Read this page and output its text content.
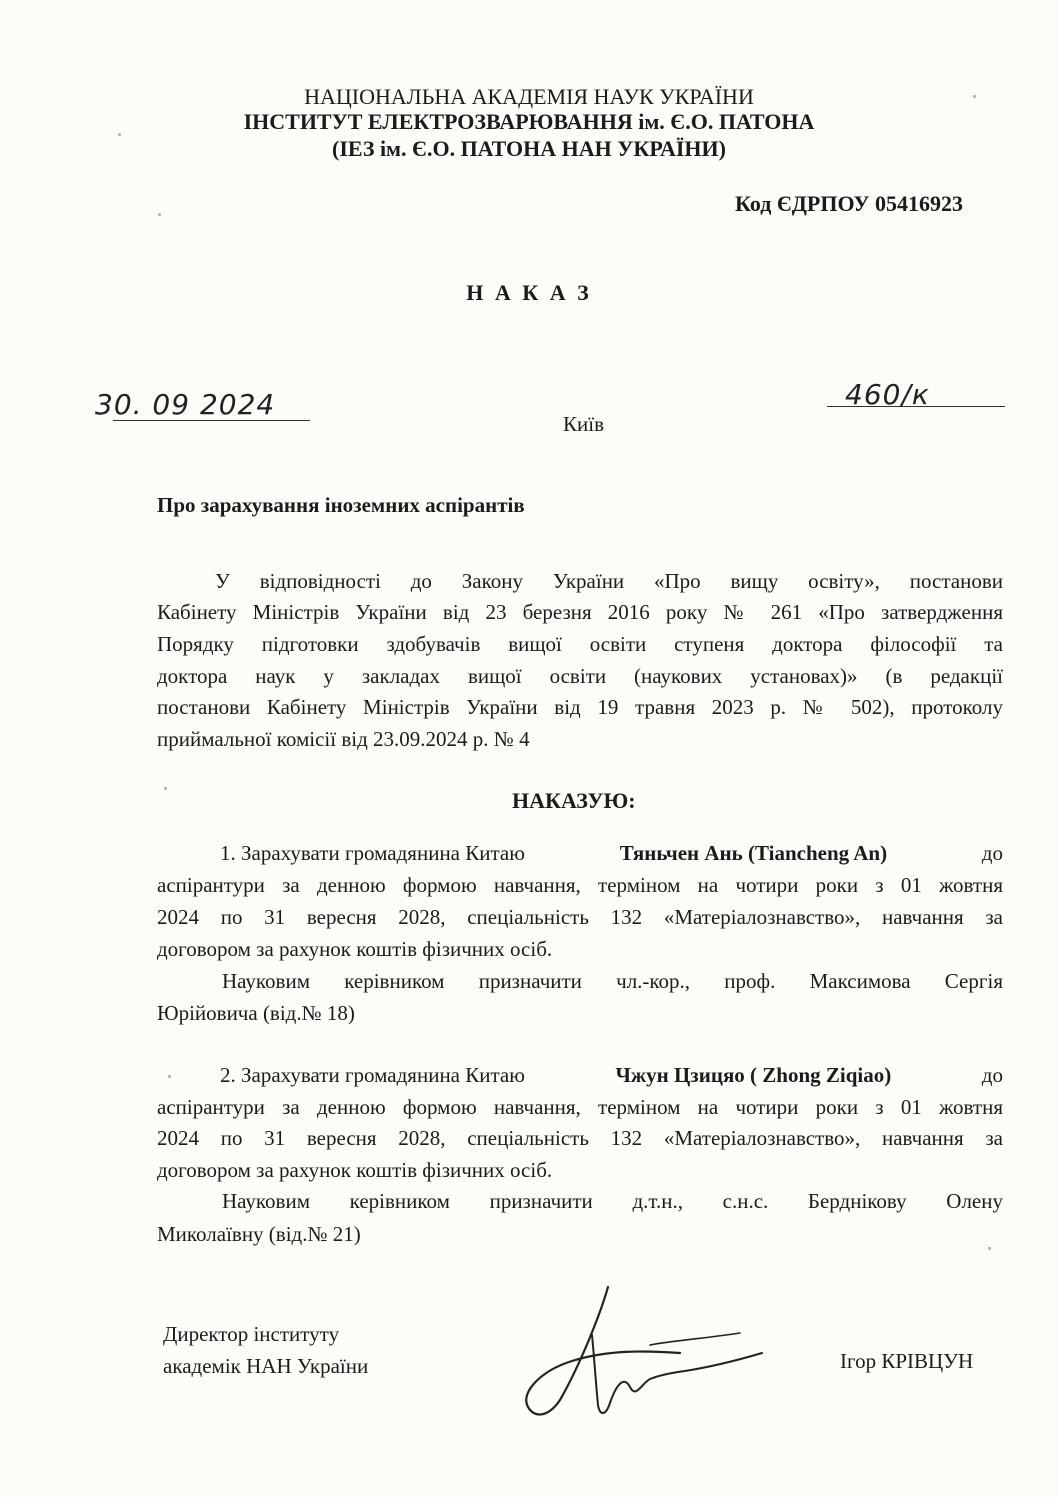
НАЦІОНАЛЬНА АКАДЕМІЯ НАУК УКРАЇНИ
ІНСТИТУТ ЕЛЕКТРОЗВАРЮВАННЯ ім. Є.О. ПАТОНА
(ІЕЗ ім. Є.О. ПАТОНА НАН УКРАЇНИ)
Код ЄДРПОУ 05416923
Н А К А З
30. 09 2024	460/к
Київ
Про зарахування іноземних аспірантів
У відповідності до Закону України «Про вищу освіту», постанови
Кабінету Міністрів України від 23 березня 2016 року № 261 «Про затвердження
Порядку підготовки здобувачів вищої освіти ступеня доктора філософії та
доктора наук у закладах вищої освіти (наукових установах)» (в редакції
постанови Кабінету Міністрів України від 19 травня 2023 р. № 502), протоколу
приймальної комісії від 23.09.2024 р. № 4
НАКАЗУЮ:
1. Зарахувати громадянина Китаю	Тяньчен Ань (Tiancheng An)	до
аспірантури за денною формою навчання, терміном на чотири роки з 01 жовтня
2024 по 31 вересня 2028, спеціальність 132 «Матеріалознавство», навчання за
договором за рахунок коштів фізичних осіб.
Науковим керівником призначити чл.-кор., проф. Максимова Сергія
Юрійовича (від.№ 18)
2. Зарахувати громадянина Китаю	Чжун Цзицяо ( Zhong Ziqiao)	до
аспірантури за денною формою навчання, терміном на чотири роки з 01 жовтня
2024 по 31 вересня 2028, спеціальність 132 «Матеріалознавство», навчання за
договором за рахунок коштів фізичних осіб.
Науковим керівником призначити д.т.н., с.н.с. Берднікову Олену
Миколаївну (від.№ 21)
Директор інституту
академік НАН України	Ігор КРІВЦУН
